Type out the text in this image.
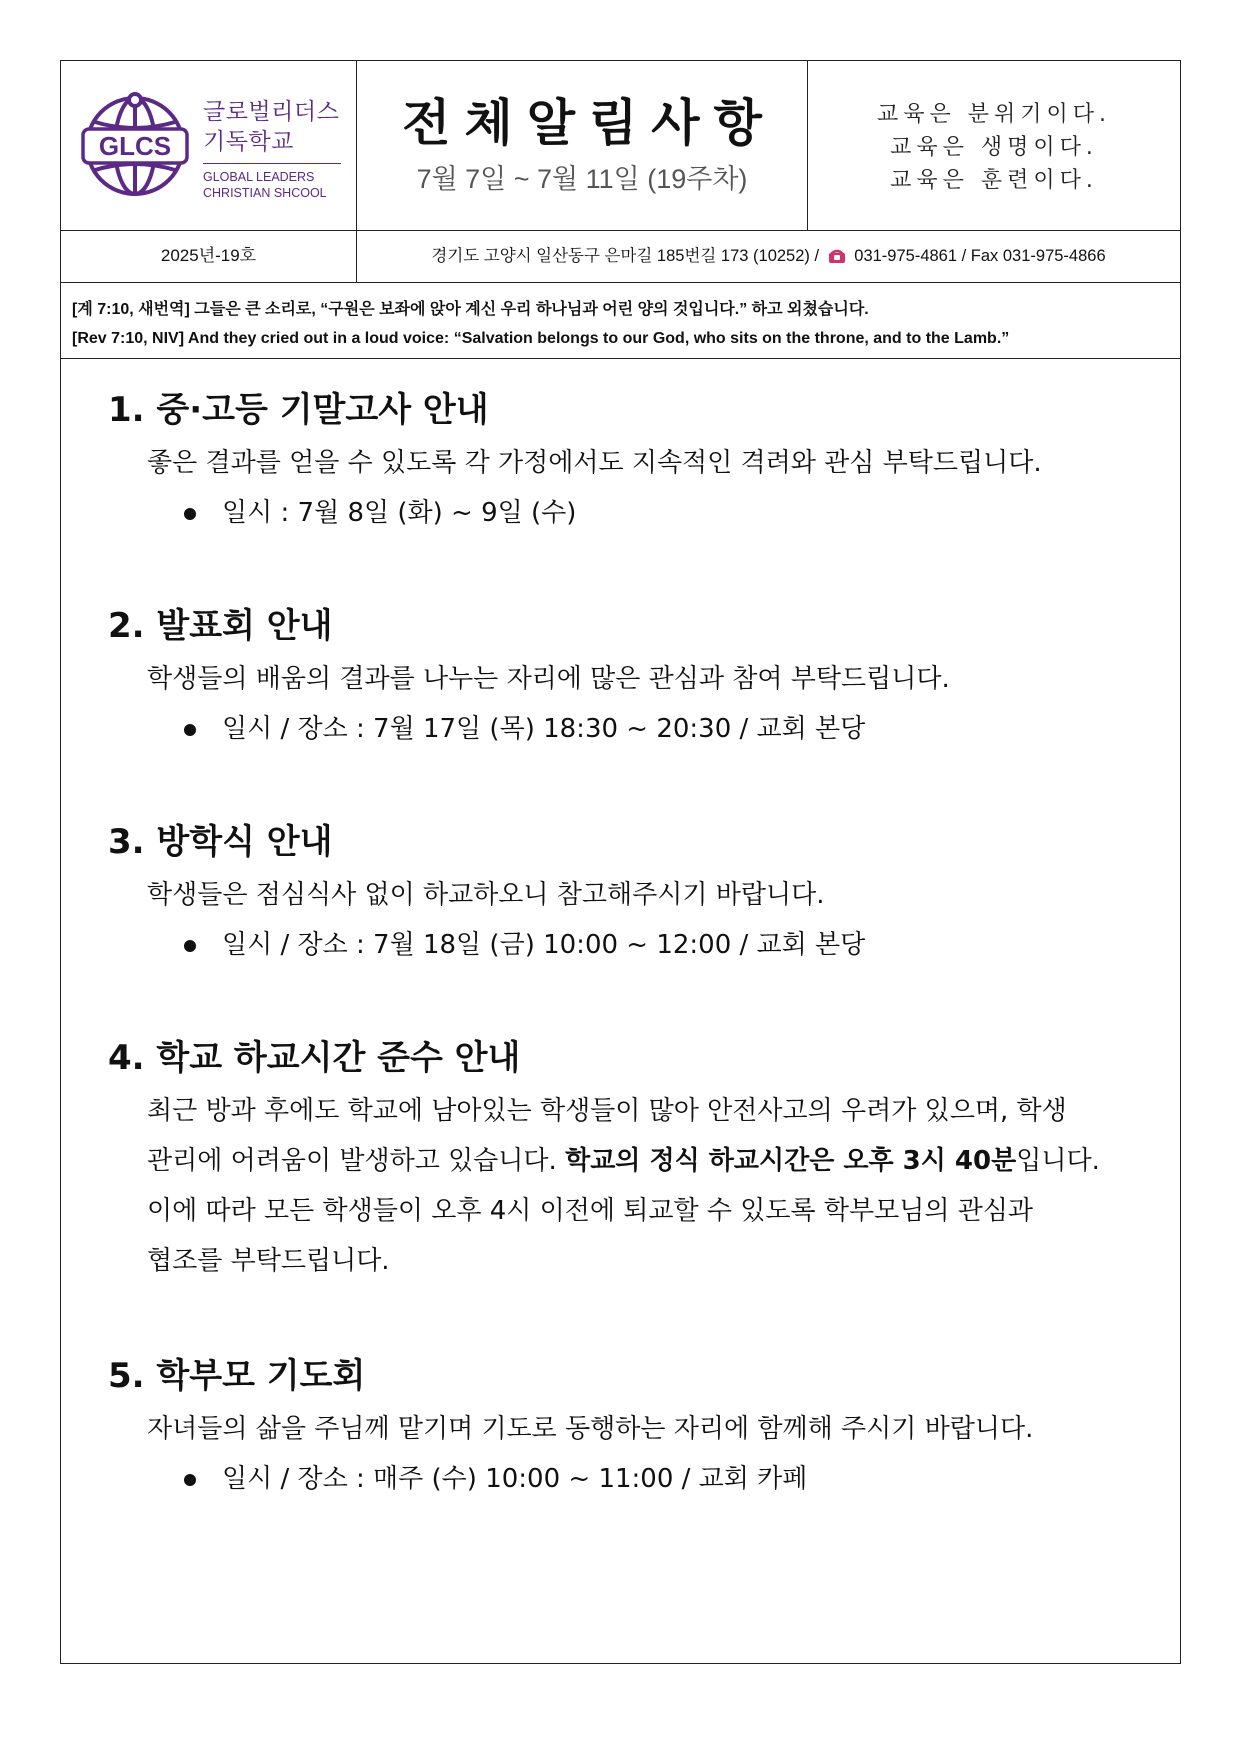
GLCS
글로벌리더스
기독학교
GLOBAL LEADERS
CHRISTIAN SHCOOL
전체알림사항
7월 7일 ~ 7월 11일 (19주차)
교육은 분위기이다.
교육은 생명이다.
교육은 훈련이다.
2025년-19호	경기도 고양시 일산동구 은마길 185번길 173 (10252) / 031-975-4861 / Fax 031-975-4866
[계 7:10, 새번역] 그들은 큰 소리로, “구원은 보좌에 앉아 계신 우리 하나님과 어린 양의 것입니다.” 하고 외쳤습니다.
[Rev 7:10, NIV] And they cried out in a loud voice: “Salvation belongs to our God, who sits on the throne, and to the Lamb.”
1. 중·고등 기말고사 안내
좋은 결과를 얻을 수 있도록 각 가정에서도 지속적인 격려와 관심 부탁드립니다.
일시 : 7월 8일 (화) ~ 9일 (수)
2. 발표회 안내
학생들의 배움의 결과를 나누는 자리에 많은 관심과 참여 부탁드립니다.
일시 / 장소 : 7월 17일 (목) 18:30 ~ 20:30 / 교회 본당
3. 방학식 안내
학생들은 점심식사 없이 하교하오니 참고해주시기 바랍니다.
일시 / 장소 : 7월 18일 (금) 10:00 ~ 12:00 / 교회 본당
4. 학교 하교시간 준수 안내
최근 방과 후에도 학교에 남아있는 학생들이 많아 안전사고의 우려가 있으며, 학생
관리에 어려움이 발생하고 있습니다. 학교의 정식 하교시간은 오후 3시 40분입니다.
이에 따라 모든 학생들이 오후 4시 이전에 퇴교할 수 있도록 학부모님의 관심과
협조를 부탁드립니다.
5. 학부모 기도회
자녀들의 삶을 주님께 맡기며 기도로 동행하는 자리에 함께해 주시기 바랍니다.
일시 / 장소 : 매주 (수) 10:00 ~ 11:00 / 교회 카페
